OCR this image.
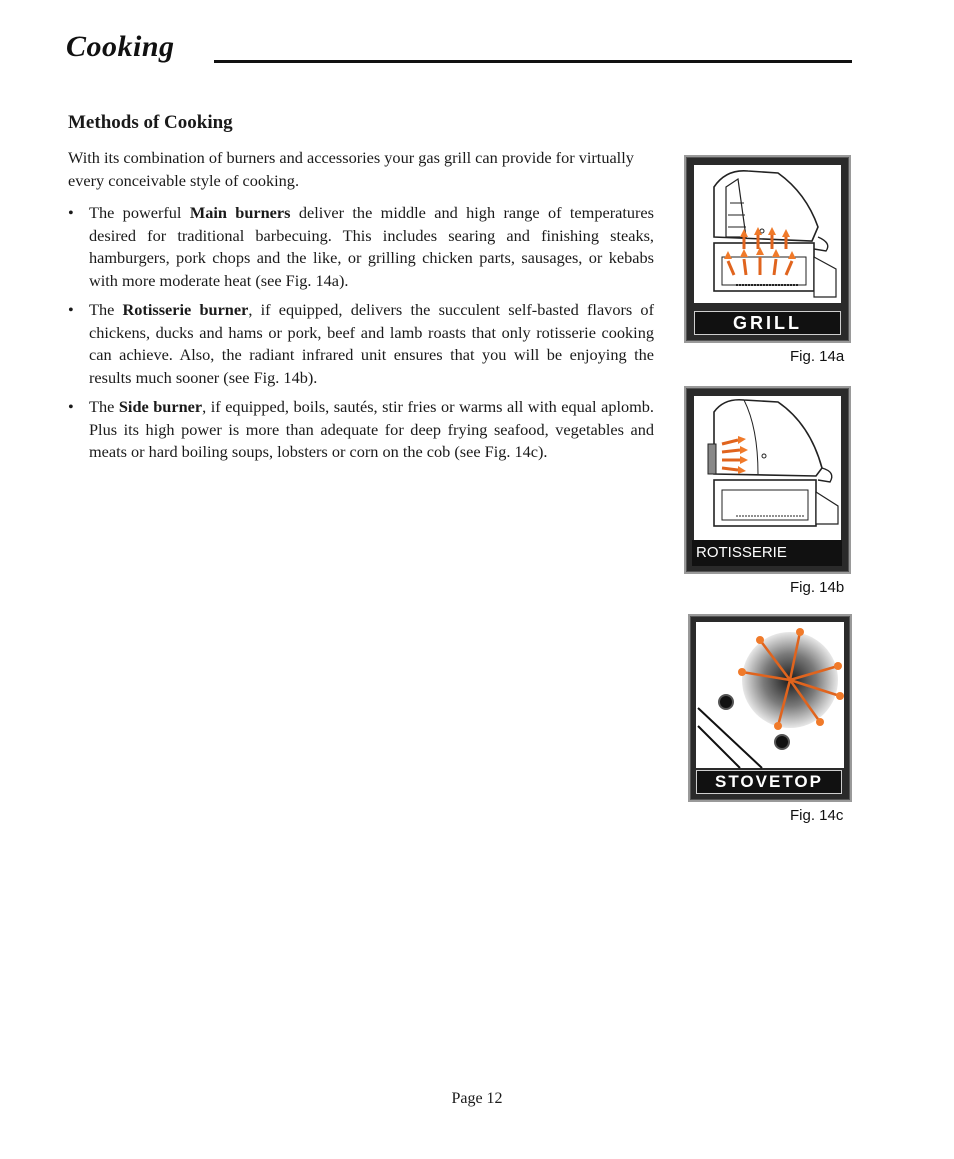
Cooking
Methods of Cooking

With its combination of burners and accessories your gas grill can provide for virtually every conceivable style of cooking.

• The powerful Main burners deliver the middle and high range of temperatures desired for traditional barbecuing. This includes searing and finishing steaks, hamburgers, pork chops and the like, or grilling chicken parts, sausages, or kebabs with more moderate heat (see Fig. 14a).
• The Rotisserie burner, if equipped, delivers the succulent self-basted flavors of chickens, ducks and hams or pork, beef and lamb roasts that only rotisserie cooking can achieve. Also, the radiant infrared unit ensures that you will be enjoying the results much sooner (see Fig. 14b).
• The Side burner, if equipped, boils, sautés, stir fries or warms all with equal aplomb. Plus its high power is more than adequate for deep frying seafood, vegetables and meats or hard boiling soups, lobsters or corn on the cob (see Fig. 14c).
GRILL
Fig. 14a
ROTISSERIE
Fig. 14b
STOVETOP
Fig. 14c
Page 12
